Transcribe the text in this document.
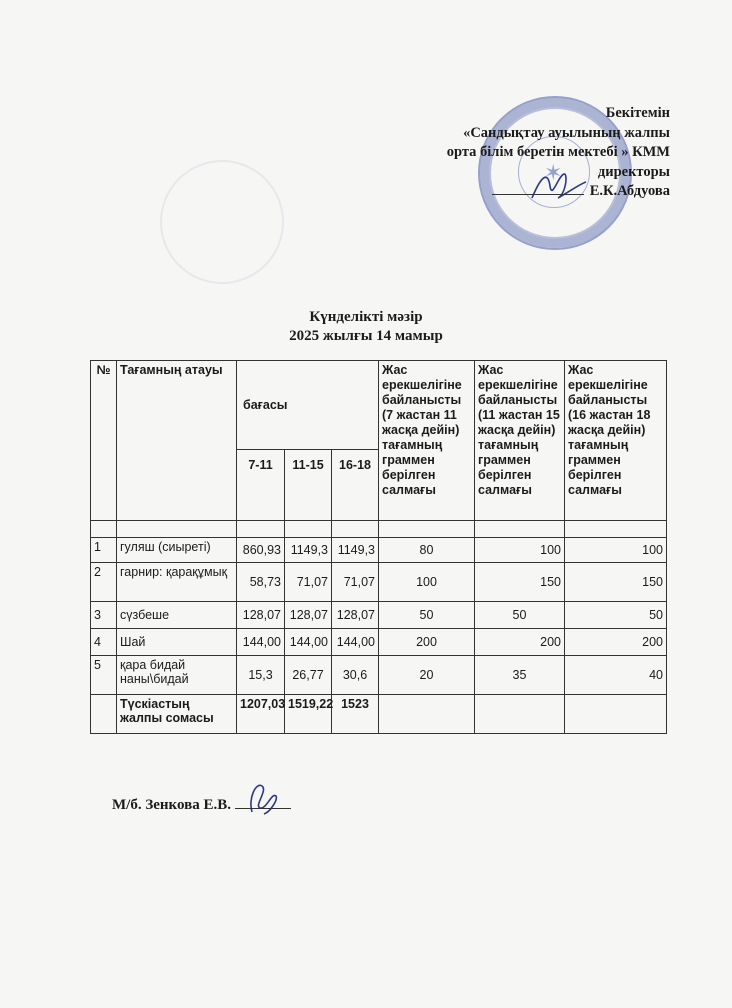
✶
Бекітемін
«Сандықтау ауылының жалпы
орта білім беретін мектебі » КММ
директоры
Е.К.Абдуова
Күнделікті мәзір
2025 жылғы 14 мамыр
№	Тағамның атауы	бағасы			Жас ерекшелігіне байланысты (7 жастан 11 жасқа дейін) тағамның граммен берілген салмағы	Жас ерекшелігіне байланысты (11 жастан 15 жасқа дейін) тағамның граммен берілген салмағы	Жас ерекшелігіне байланысты (16 жастан 18 жасқа дейін) тағамның граммен берілген салмағы
		7-11	11-15	16-18			

1	гуляш (сиыреті)	860,93	1149,3	1149,3	80	100	100
2	гарнир: қарақұмық	58,73	71,07	71,07	100	150	150
3	сүзбеше	128,07	128,07	128,07	50	50	50
4	Шай	144,00	144,00	144,00	200	200	200
5	қара бидай наны\бидай	15,3	26,77	30,6	20	35	40
	Түскіастың жалпы сомасы	1207,03	1519,22	1523			
М/б. Зенкова Е.В.
